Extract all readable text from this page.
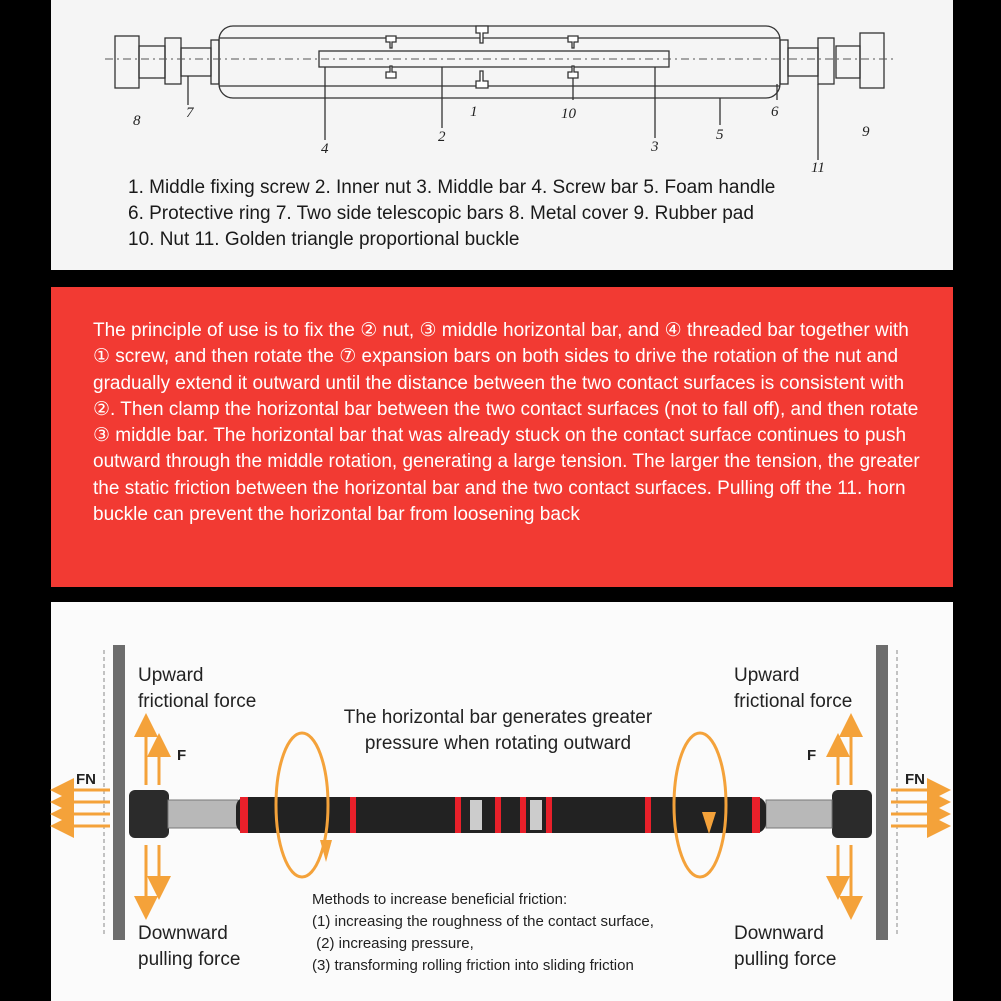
8	7
4
2
1	10
3
5
6
11
9
1. Middle fixing screw 2. Inner nut 3. Middle bar 4. Screw bar 5. Foam handle
6. Protective ring 7. Two side telescopic bars 8. Metal cover 9. Rubber pad
10. Nut 11. Golden triangle proportional buckle
The principle of use is to fix the ② nut, ③ middle horizontal bar, and ④ threaded bar together with ① screw, and then rotate the ⑦ expansion bars on both sides to drive the rotation of the nut and gradually extend it outward until the distance between the two contact surfaces is consistent with ②. Then clamp the horizontal bar between the two contact surfaces (not to fall off), and then rotate ③ middle bar. The horizontal bar that was already stuck on the contact surface continues to push outward through the middle rotation, generating a large tension. The larger the tension, the greater the static friction between the horizontal bar and the two contact surfaces. Pulling off the 11. horn buckle can prevent the horizontal bar from loosening back
Upward
frictional force
Upward
frictional force
Downward
pulling force
Downward
pulling force
The horizontal bar generates greater
pressure when rotating outward
F	F
FN	FN
Methods to increase beneficial friction:
(1) increasing the roughness of the contact surface,
(2) increasing pressure,
(3) transforming rolling friction into sliding friction
